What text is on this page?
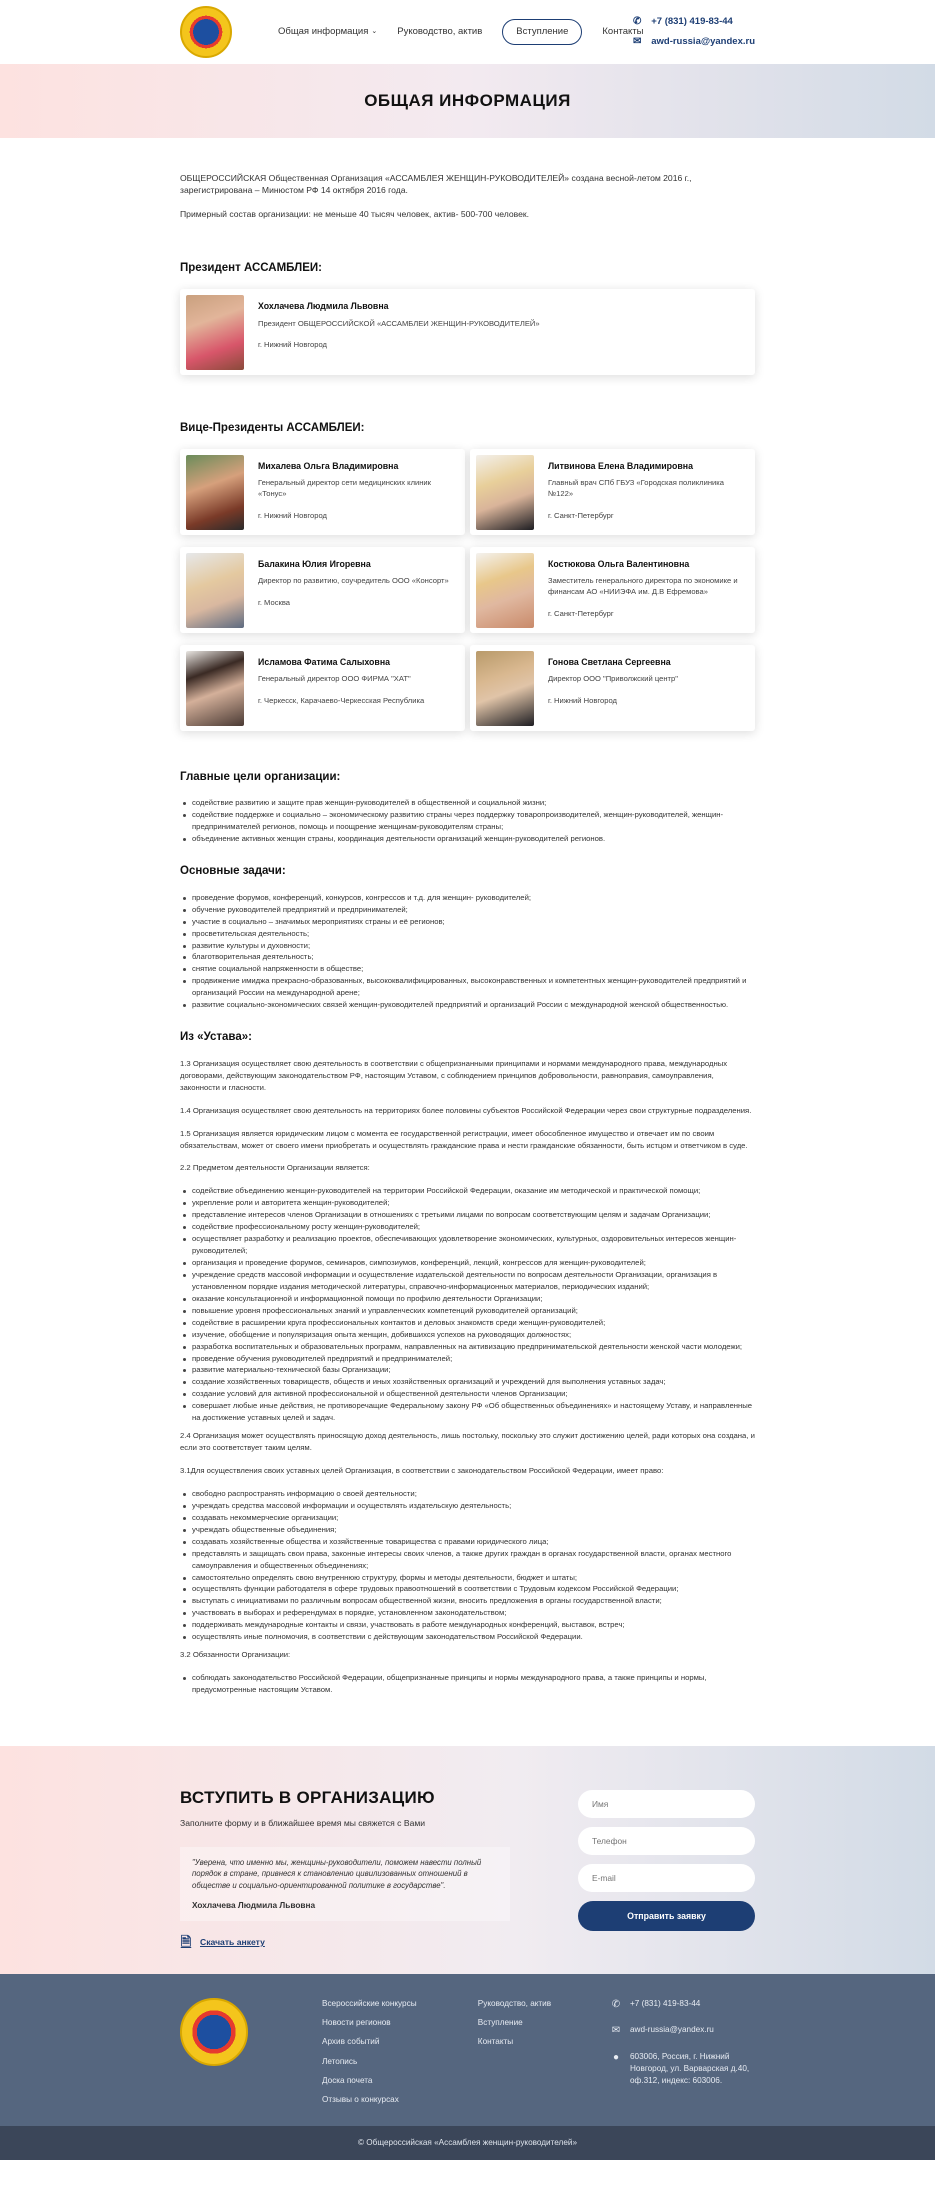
Общая информация ⌄ Руководство, актив	Вступление	Контакты
✆ +7 (831) 419-83-44
✉ awd-russia@yandex.ru
ОБЩАЯ ИНФОРМАЦИЯ

ОБЩЕРОССИЙСКАЯ Общественная Организация «АССАМБЛЕЯ ЖЕНЩИН-РУКОВОДИТЕЛЕЙ» создана весной-летом 2016 г., зарегистрирована – Минюстом РФ 14 октября 2016 года.

Примерный состав организации: не меньше 40 тысяч человек, актив- 500-700 человек.

Президент АССАМБЛЕИ:
Хохлачева Людмила Львовна
Президент ОБЩЕРОССИЙСКОЙ «АССАМБЛЕИ ЖЕНЩИН-РУКОВОДИТЕЛЕЙ»
г. Нижний Новгород
Вице-Президенты АССАМБЛЕИ:
Михалева Ольга Владимировна
Генеральный директор сети медицинских клиник «Тонус»
г. Нижний Новгород
Литвинова Елена Владимировна
Главный врач СПб ГБУЗ «Городская поликлиника №122»
г. Санкт-Петербург
Балакина Юлия Игоревна
Директор по развитию, соучредитель ООО «Консорт»
г. Москва
Костюкова Ольга Валентиновна
Заместитель генерального директора по экономике и финансам АО «НИИЭФА им. Д.В Ефремова»
г. Санкт-Петербург
Исламова Фатима Салыховна
Генеральный директор ООО ФИРМА "ХАТ"
г. Черкесск, Карачаево-Черкесская Республика
Гонова Светлана Сергеевна
Директор ООО "Приволжский центр"
г. Нижний Новгород
Главные цели организации:
содействие развитию и защите прав женщин-руководителей в общественной и социальной жизни;
содействие поддержке и социально – экономическому развитию страны через поддержку товаропроизводителей, женщин-руководителей, женщин-предпринимателей регионов, помощь и поощрение женщинам-руководителям страны;
объединение активных женщин страны, координация деятельности организаций женщин-руководителей регионов.
Основные задачи:
проведение форумов, конференций, конкурсов, конгрессов и т.д. для женщин- руководителей;
обучение руководителей предприятий и предпринимателей;
участие в социально – значимых мероприятиях страны и её регионов;
просветительская деятельность;
развитие культуры и духовности;
благотворительная деятельность;
снятие социальной напряженности в обществе;
продвижение имиджа прекрасно-образованных, высококвалифицированных, высоконравственных и компетентных женщин-руководителей предприятий и организаций России на международной арене;
развитие социально-экономических связей женщин-руководителей предприятий и организаций России с международной женской общественностью.
Из «Устава»:

1.3 Организация осуществляет свою деятельность в соответствии с общепризнанными принципами и нормами международного права, международных договорами, действующим законодательством РФ, настоящим Уставом, с соблюдением принципов добровольности, равноправия, самоуправления, законности и гласности.

1.4 Организация осуществляет свою деятельность на территориях более половины субъектов Российской Федерации через свои структурные подразделения.

1.5 Организация является юридическим лицом с момента ее государственной регистрации, имеет обособленное имущество и отвечает им по своим обязательствам, может от своего имени приобретать и осуществлять гражданские права и нести гражданские обязанности, быть истцом и ответчиком в суде.

2.2 Предметом деятельности Организации является:

содействие объединению женщин-руководителей на территории Российской Федерации, оказание им методической и практической помощи;
укрепление роли и авторитета женщин-руководителей;
представление интересов членов Организации в отношениях с третьими лицами по вопросам соответствующим целям и задачам Организации;
содействие профессиональному росту женщин-руководителей;
осуществляет разработку и реализацию проектов, обеспечивающих удовлетворение экономических, культурных, оздоровительных интересов женщин-руководителей;
организация и проведение форумов, семинаров, симпозиумов, конференций, лекций, конгрессов для женщин-руководителей;
учреждение средств массовой информации и осуществление издательской деятельности по вопросам деятельности Организации, организация в установленном порядке издания методической литературы, справочно-информационных материалов, периодических изданий;
оказание консультационной и информационной помощи по профилю деятельности Организации;
повышение уровня профессиональных знаний и управленческих компетенций руководителей организаций;
содействие в расширении круга профессиональных контактов и деловых знакомств среди женщин-руководителей;
изучение, обобщение и популяризация опыта женщин, добившихся успехов на руководящих должностях;
разработка воспитательных и образовательных программ, направленных на активизацию предпринимательской деятельности женской части молодежи;
проведение обучения руководителей предприятий и предпринимателей;
развитие материально-технической базы Организации;
создание хозяйственных товариществ, обществ и иных хозяйственных организаций и учреждений для выполнения уставных задач;
создание условий для активной профессиональной и общественной деятельности членов Организации;
совершает любые иные действия, не противоречащие Федеральному закону РФ «Об общественных объединениях» и настоящему Уставу, и направленные на достижение уставных целей и задач.

2.4 Организация может осуществлять приносящую доход деятельность, лишь постольку, поскольку это служит достижению целей, ради которых она создана, и если это соответствует таким целям.

3.1Для осуществления своих уставных целей Организация, в соответствии с законодательством Российской Федерации, имеет право:

свободно распространять информацию о своей деятельности;
учреждать средства массовой информации и осуществлять издательскую деятельность;
создавать некоммерческие организации;
учреждать общественные объединения;
создавать хозяйственные общества и хозяйственные товарищества с правами юридического лица;
представлять и защищать свои права, законные интересы своих членов, а также других граждан в органах государственной власти, органах местного самоуправления и общественных объединениях;
самостоятельно определять свою внутреннюю структуру, формы и методы деятельности, бюджет и штаты;
осуществлять функции работодателя в сфере трудовых правоотношений в соответствии с Трудовым кодексом Российской Федерации;
выступать с инициативами по различным вопросам общественной жизни, вносить предложения в органы государственной власти;
участвовать в выборах и референдумах в порядке, установленном законодательством;
поддерживать международные контакты и связи, участвовать в работе международных конференций, выставок, встреч;
осуществлять иные полномочия, в соответствии с действующим законодательством Российской Федерации.

3.2 Обязанности Организации:

соблюдать законодательство Российской Федерации, общепризнанные принципы и нормы международного права, а также принципы и нормы, предусмотренные настоящим Уставом.
ВСТУПИТЬ В ОРГАНИЗАЦИЮ
Заполните форму и в ближайшее время мы свяжется с Вами
"Уверена, что именно мы, женщины-руководители, поможем навести полный порядок в стране, привнеся к становлению цивилизованных отношений в обществе и социально-ориентированной политике в государстве".
Хохлачева Людмила Львовна
🗎 Скачать анкету
Имя Телефон E-mail
Отправить заявку
Всероссийские конкурсы
Новости регионов
Архив событий
Летопись
Доска почета
Отзывы о конкурсах
Руководство, актив
Вступление
Контакты
✆ +7 (831) 419-83-44
✉ awd-russia@yandex.ru
●	603006, Россия, г. Нижний Новгород, ул. Варварская д.40, оф.312, индекс: 603006.
© Общероссийская «Ассамблея женщин-руководителей»
